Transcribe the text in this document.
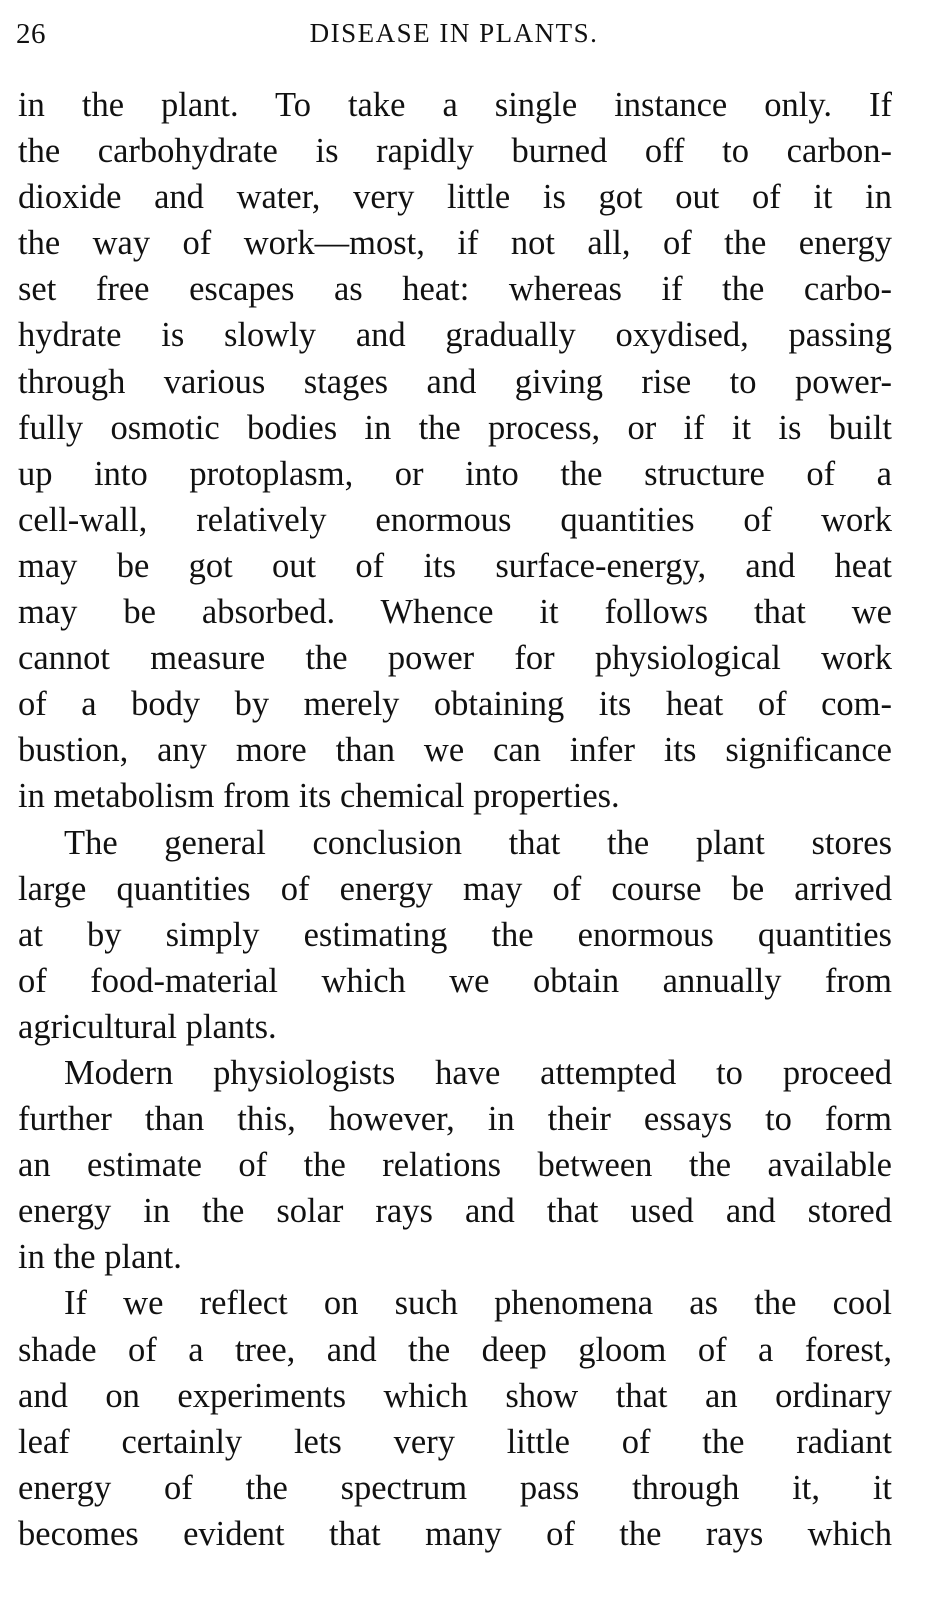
26	DISEASE IN PLANTS.
in the plant. To take a single instance only. If
the carbohydrate is rapidly burned off to carbon-
dioxide and water, very little is got out of it in
the way of work—most, if not all, of the energy
set free escapes as heat: whereas if the carbo-
hydrate is slowly and gradually oxydised, passing
through various stages and giving rise to power-
fully osmotic bodies in the process, or if it is built
up into protoplasm, or into the structure of a
cell-wall, relatively enormous quantities of work
may be got out of its surface-energy, and heat
may be absorbed. Whence it follows that we
cannot measure the power for physiological work
of a body by merely obtaining its heat of com-
bustion, any more than we can infer its significance
in metabolism from its chemical properties.
The general conclusion that the plant stores
large quantities of energy may of course be arrived
at by simply estimating the enormous quantities
of food-material which we obtain annually from
agricultural plants.
Modern physiologists have attempted to proceed
further than this, however, in their essays to form
an estimate of the relations between the available
energy in the solar rays and that used and stored
in the plant.
If we reflect on such phenomena as the cool
shade of a tree, and the deep gloom of a forest,
and on experiments which show that an ordinary
leaf certainly lets very little of the radiant
energy of the spectrum pass through it, it
becomes evident that many of the rays which
